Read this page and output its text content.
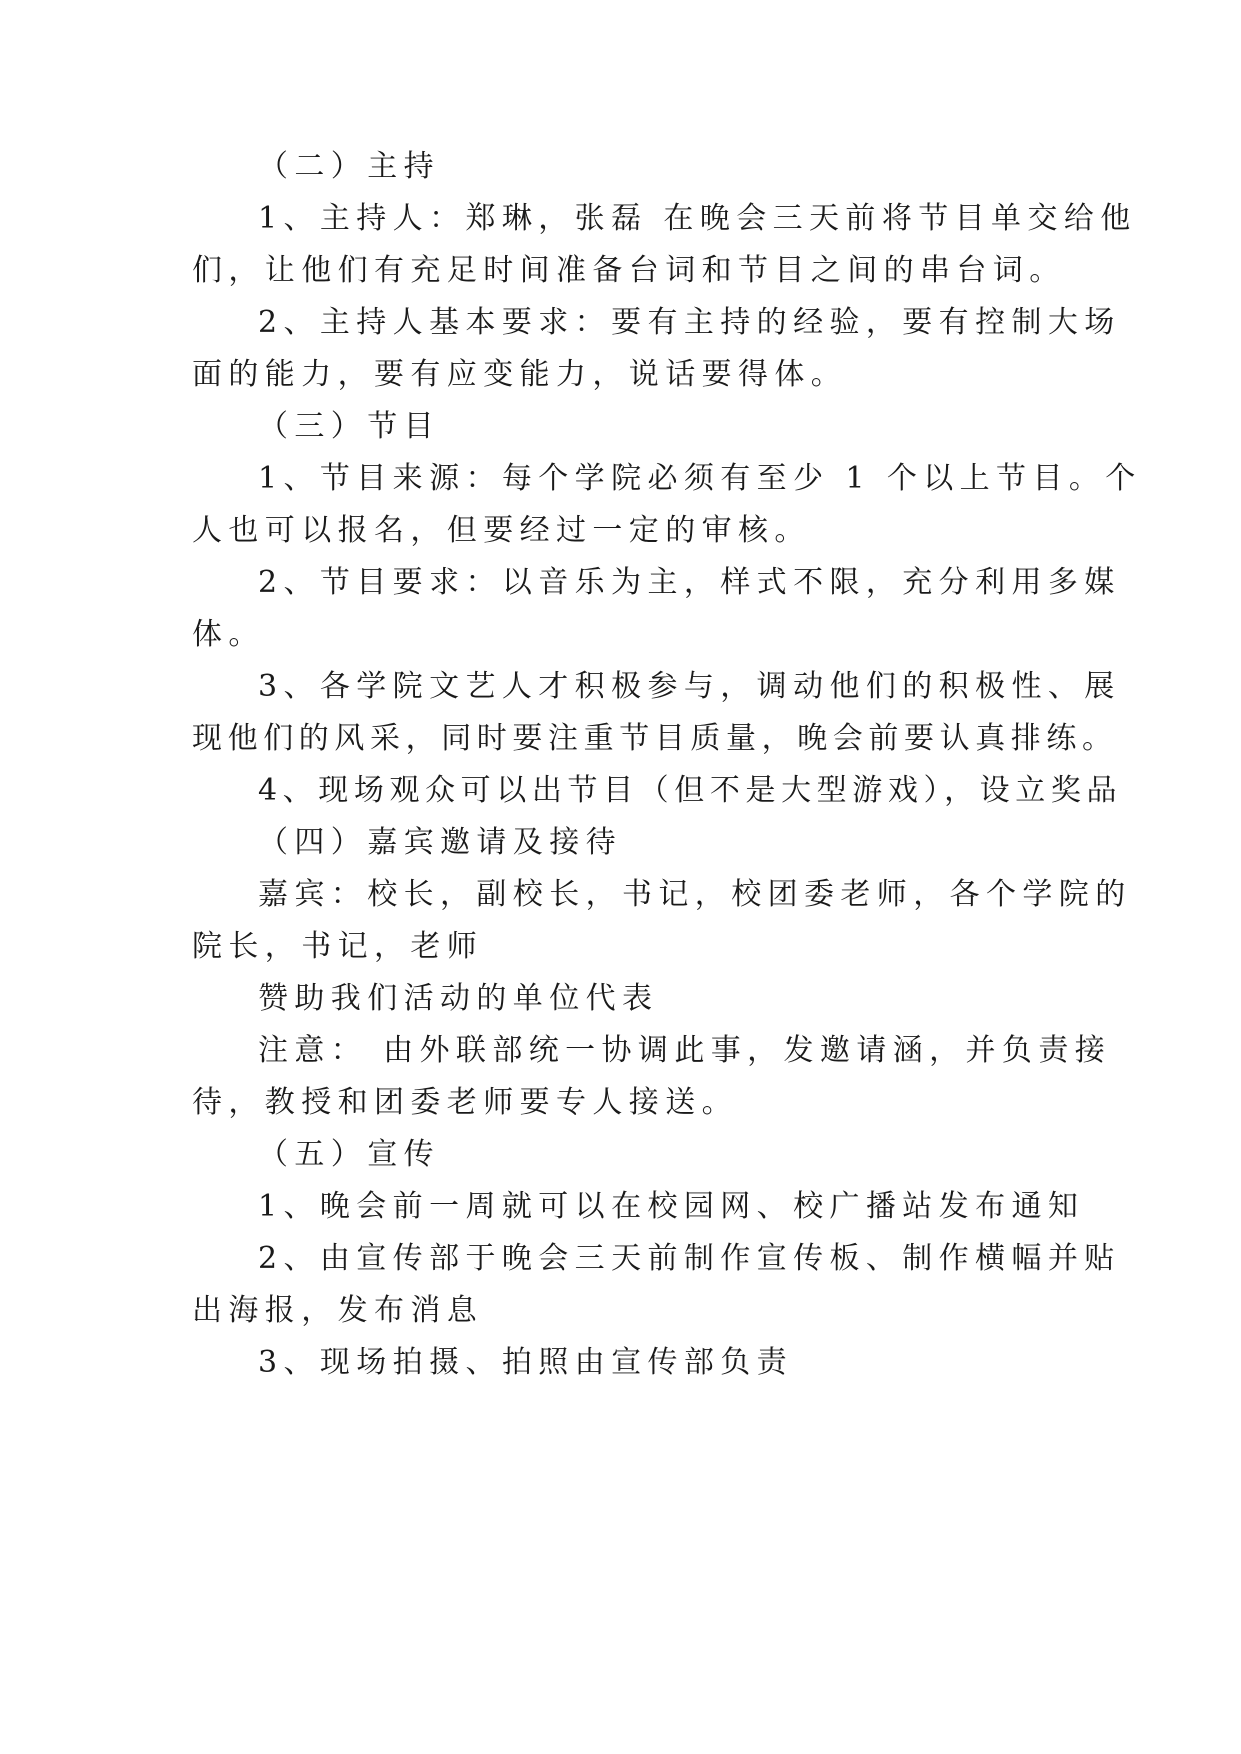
（二）主持
1、主持人：郑琳，张磊 在晚会三天前将节目单交给他
们，让他们有充足时间准备台词和节目之间的串台词。
2、主持人基本要求：要有主持的经验，要有控制大场
面的能力，要有应变能力，说话要得体。
（三）节目
1、节目来源：每个学院必须有至少 1 个以上节目。个
人也可以报名，但要经过一定的审核。
2、节目要求：以音乐为主，样式不限，充分利用多媒
体。
3、各学院文艺人才积极参与，调动他们的积极性、展
现他们的风采，同时要注重节目质量，晚会前要认真排练。
4、现场观众可以出节目（但不是大型游戏），设立奖品
（四）嘉宾邀请及接待
嘉宾：校长，副校长，书记，校团委老师，各个学院的
院长，书记，老师
赞助我们活动的单位代表
注意： 由外联部统一协调此事，发邀请涵，并负责接
待，教授和团委老师要专人接送。
（五）宣传
1、晚会前一周就可以在校园网、校广播站发布通知
2、由宣传部于晚会三天前制作宣传板、制作横幅并贴
出海报，发布消息
3、现场拍摄、拍照由宣传部负责
